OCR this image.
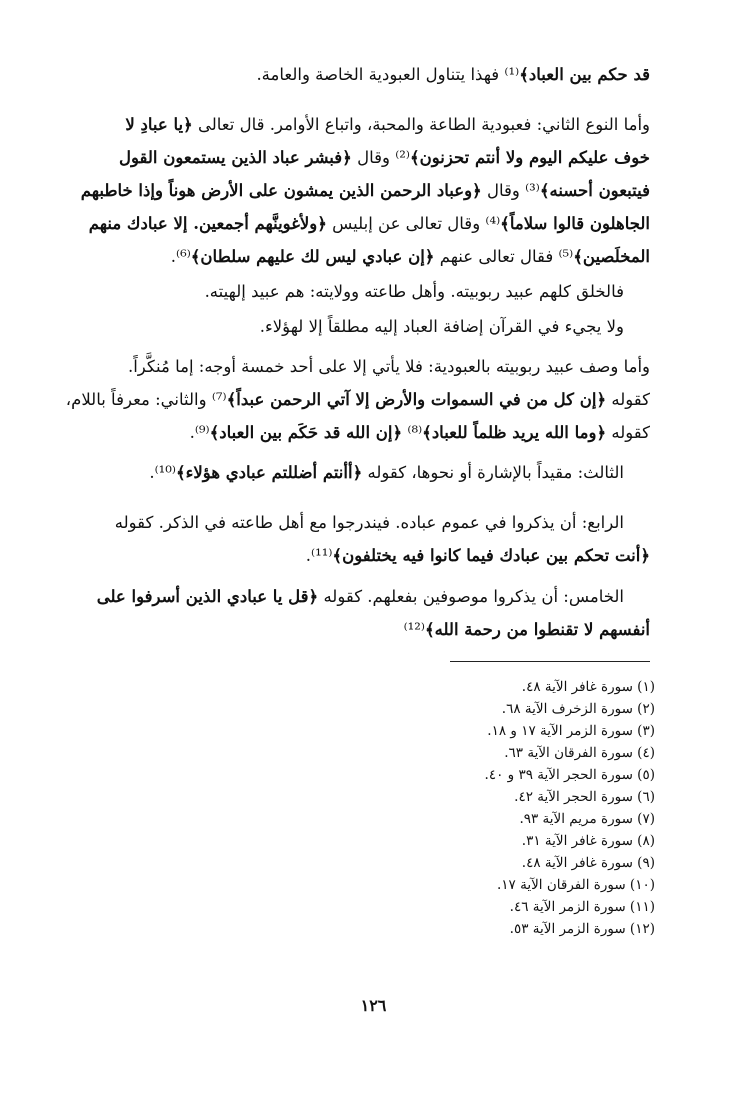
قد حكم بين العباد﴾⁽¹⁾ فهذا يتناول العبودية الخاصة والعامة.
وأما النوع الثاني: فعبودية الطاعة والمحبة، واتباع الأوامر. قال تعالى ﴿يا عبادِ لا
خوف عليكم اليوم ولا أنتم تحزنون﴾⁽²⁾ وقال ﴿فبشر عباد الذين يستمعون القول
فيتبعون أحسنه﴾⁽³⁾ وقال ﴿وعباد الرحمن الذين يمشون على الأرض هوناً وإذا خاطبهم
الجاهلون قالوا سلاماً﴾⁽⁴⁾ وقال تعالى عن إبليس ﴿ولأغوينَّهم أجمعين. إلا عبادك منهم
المخلَصين﴾⁽⁵⁾ فقال تعالى عنهم ﴿إن عبادي ليس لك عليهم سلطان﴾⁽⁶⁾.
فالخلق كلهم عبيد ربوبيته. وأهل طاعته وولايته: هم عبيد إلهيته.
ولا يجيء في القرآن إضافة العباد إليه مطلقاً إلا لهؤلاء.
وأما وصف عبيد ربوبيته بالعبودية: فلا يأتي إلا على أحد خمسة أوجه: إما مُنكَّراً.
كقوله ﴿إن كل من في السموات والأرض إلا آتي الرحمن عبداً﴾⁽⁷⁾ والثاني: معرفاً باللام،
كقوله ﴿وما الله يريد ظلماً للعباد﴾⁽⁸⁾ ﴿إن الله قد حَكَم بين العباد﴾⁽⁹⁾.
الثالث: مقيداً بالإشارة أو نحوها، كقوله ﴿أأنتم أضللتم عبادي هؤلاء﴾⁽¹⁰⁾.
الرابع: أن يذكروا في عموم عباده. فيندرجوا مع أهل طاعته في الذكر. كقوله
﴿أنت تحكم بين عبادك فيما كانوا فيه يختلفون﴾⁽¹¹⁾.
الخامس: أن يذكروا موصوفين بفعلهم. كقوله ﴿قل يا عبادي الذين أسرفوا على
أنفسهم لا تقنطوا من رحمة الله﴾⁽¹²⁾
(١) سورة غافر الآية ٤٨.
(٢) سورة الزخرف الآية ٦٨.
(٣) سورة الزمر الآية ١٧ و ١٨.
(٤) سورة الفرقان الآية ٦٣.
(٥) سورة الحجر الآية ٣٩ و ٤٠.
(٦) سورة الحجر الآية ٤٢.
(٧) سورة مريم الآية ٩٣.
(٨) سورة غافر الآية ٣١.
(٩) سورة غافر الآية ٤٨.
(١٠) سورة الفرقان الآية ١٧.
(١١) سورة الزمر الآية ٤٦.
(١٢) سورة الزمر الآية ٥٣.
١٢٦
